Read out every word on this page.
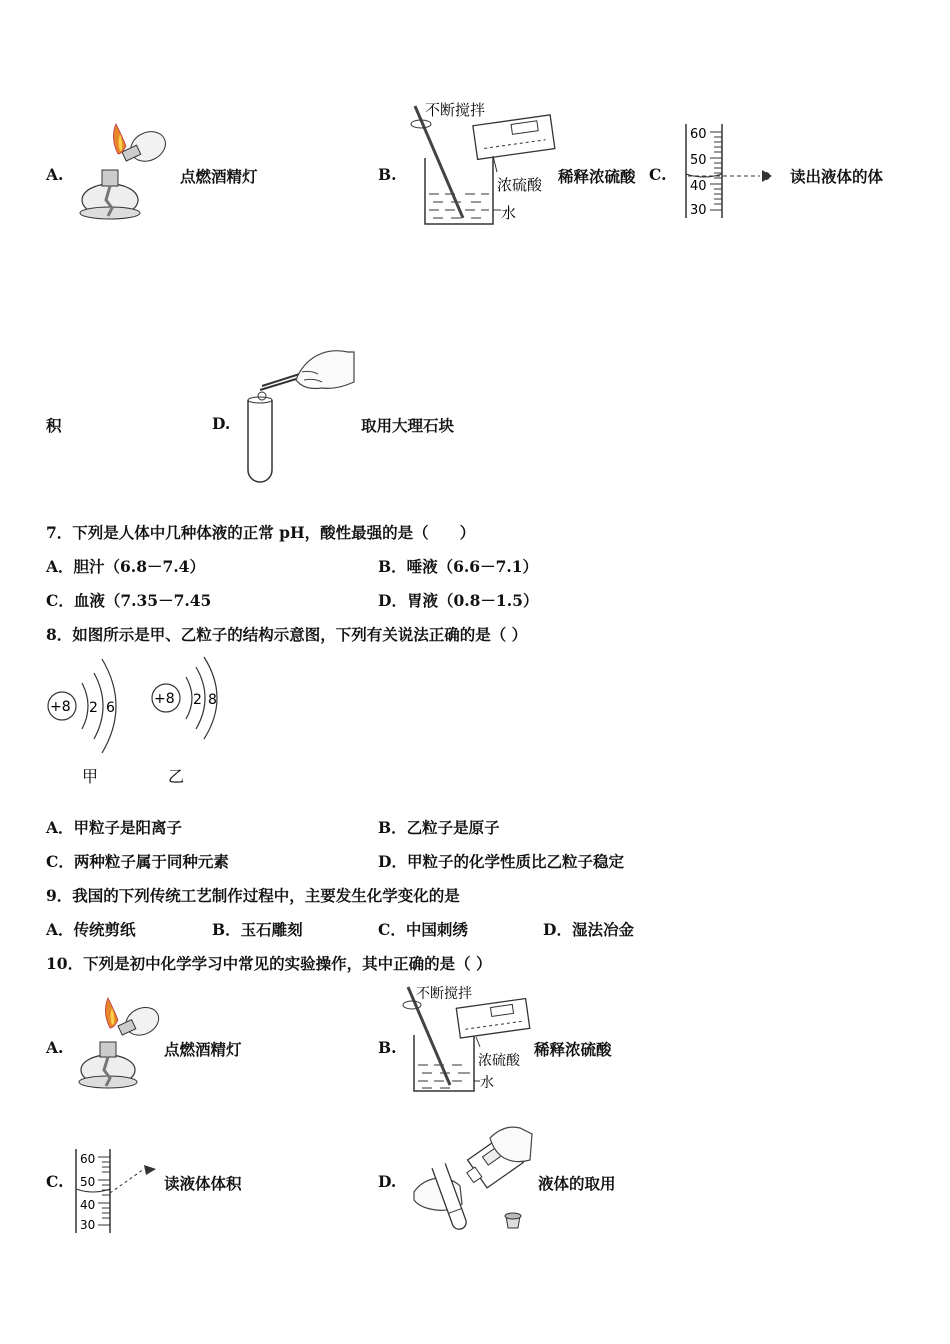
A.	点燃酒精灯	B.
不断搅拌
浓硫酸
水
稀释浓硫酸 C.
60
50
40
30
读出液体的体
积	D.	取用大理石块
7．下列是人体中几种体液的正常 pH，酸性最强的是（　　）
A．胆汁（6.8－7.4）	B．唾液（6.6－7.1）
C．血液（7.35－7.45	D．胃液（0.8－1.5）
8．如图所示是甲、乙粒子的结构示意图，下列有关说法正确的是（ ）
+8 2 6
+8 2 8
甲	乙
A．甲粒子是阳离子	B．乙粒子是原子
C．两种粒子属于同种元素	D．甲粒子的化学性质比乙粒子稳定
9．我国的下列传统工艺制作过程中，主要发生化学变化的是
A．传统剪纸	B．玉石雕刻	C．中国刺绣	D．湿法冶金
10．下列是初中化学学习中常见的实验操作，其中正确的是（ ）
A.	点燃酒精灯	B.
不断搅拌
浓硫酸
水
稀释浓硫酸
C.
60
50
40
30
读液体体积	D.	液体的取用
